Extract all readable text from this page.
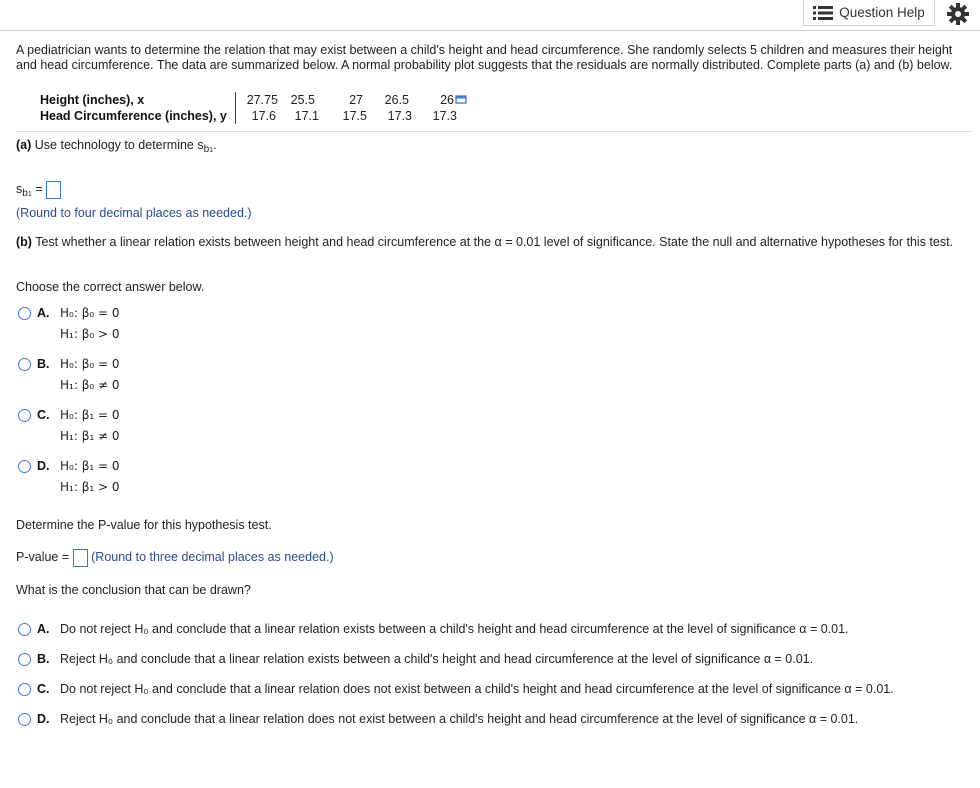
Question Help
A pediatrician wants to determine the relation that may exist between a child's height and head circumference. She randomly selects 5 children and measures their height and head circumference. The data are summarized below. A normal probability plot suggests that the residuals are normally distributed. Complete parts (a) and (b) below.
Height (inches), x	27.75	25.5	27	26.5	26
Head Circumference (inches), y	17.6	17.1	17.5	17.3	17.3
(a) Use technology to determine $s_{b1}$.
$s_{b1}$ =
(Round to four decimal places as needed.)
(b) Test whether a linear relation exists between height and head circumference at the α = 0.01 level of significance. State the null and alternative hypotheses for this test.
Choose the correct answer below.
A. H₀: β₀ = 0
H₁: β₀ > 0
B. H₀: β₀ = 0
H₁: β₀ ≠ 0
C. H₀: β₁ = 0
H₁: β₁ ≠ 0
D. H₀: β₁ = 0
H₁: β₁ > 0
Determine the P-value for this hypothesis test.
P-value = (Round to three decimal places as needed.)
What is the conclusion that can be drawn?
A. Do not reject H₀ and conclude that a linear relation exists between a child's height and head circumference at the level of significance α = 0.01.
B. Reject H₀ and conclude that a linear relation exists between a child's height and head circumference at the level of significance α = 0.01.
C. Do not reject H₀ and conclude that a linear relation does not exist between a child's height and head circumference at the level of significance α = 0.01.
D. Reject H₀ and conclude that a linear relation does not exist between a child's height and head circumference at the level of significance α = 0.01.
